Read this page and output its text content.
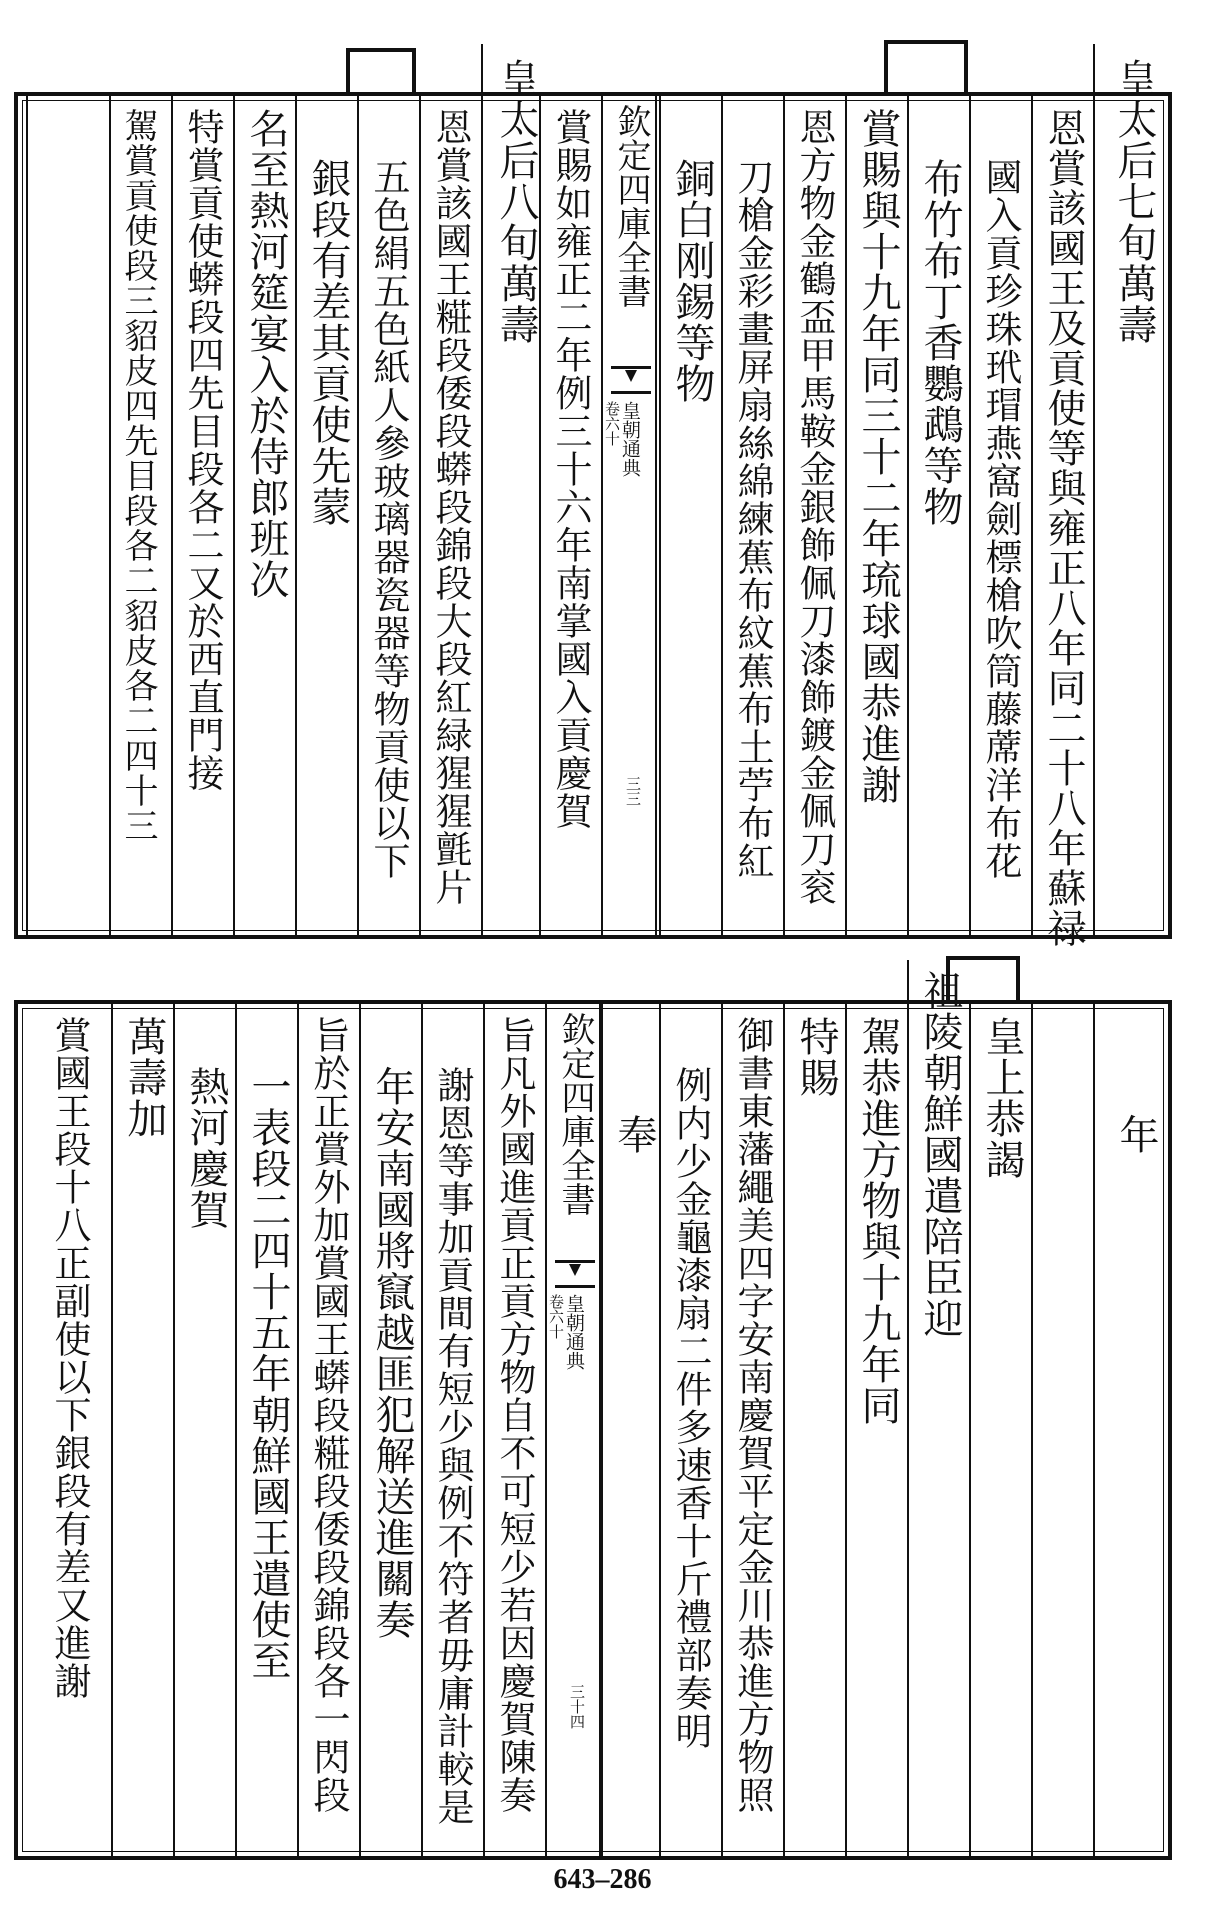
皇太后七旬萬壽
恩賞該國王及貢使等與雍正八年同二十八年蘇禄
國入貢珍珠玳瑁燕窩劍標槍吹筒藤蓆洋布花
布竹布丁香鸚鵡等物
賞賜與十九年同三十二年琉球國恭進謝
恩方物金鶴盃甲馬鞍金銀飾佩刀漆飾鍍金佩刀衮
刀槍金彩畫屏扇絲綿練蕉布紋蕉布土苧布紅
銅白刚錫等物
欽定四庫全書
皇朝通典
卷六十
三三
賞賜如雍正二年例三十六年南掌國入貢慶賀
皇太后八旬萬壽
恩賞該國王糚段倭段蟒段錦段大段紅緑猩猩氈片
五色絹五色紙人參玻璃器瓷器等物貢使以下
銀段有差其貢使先蒙
名至熱河筵宴入於侍郎班次
特賞貢使蟒段四先目段各二又於西直門接
駕賞貢使段三貂皮四先目段各二貂皮各二四十三
年
皇上恭謁
祖陵朝鮮國遣陪臣迎
駕恭進方物與十九年同
特賜
御書東藩繩美四字安南慶賀平定金川恭進方物照
例内少金龜漆扇二件多速香十斤禮部奏明
奉
欽定四庫全書
皇朝通典
卷六十
三十四
旨凡外國進貢正貢方物自不可短少若因慶賀陳奏
謝恩等事加貢間有短少與例不符者毋庸計較是
年安南國將竄越匪犯解送進關奏
旨於正賞外加賞國王蟒段糚段倭段錦段各一閃段
一表段二四十五年朝鮮國王遣使至
熱河慶賀
萬壽加
賞國王段十八正副使以下銀段有差又進謝
643–286
